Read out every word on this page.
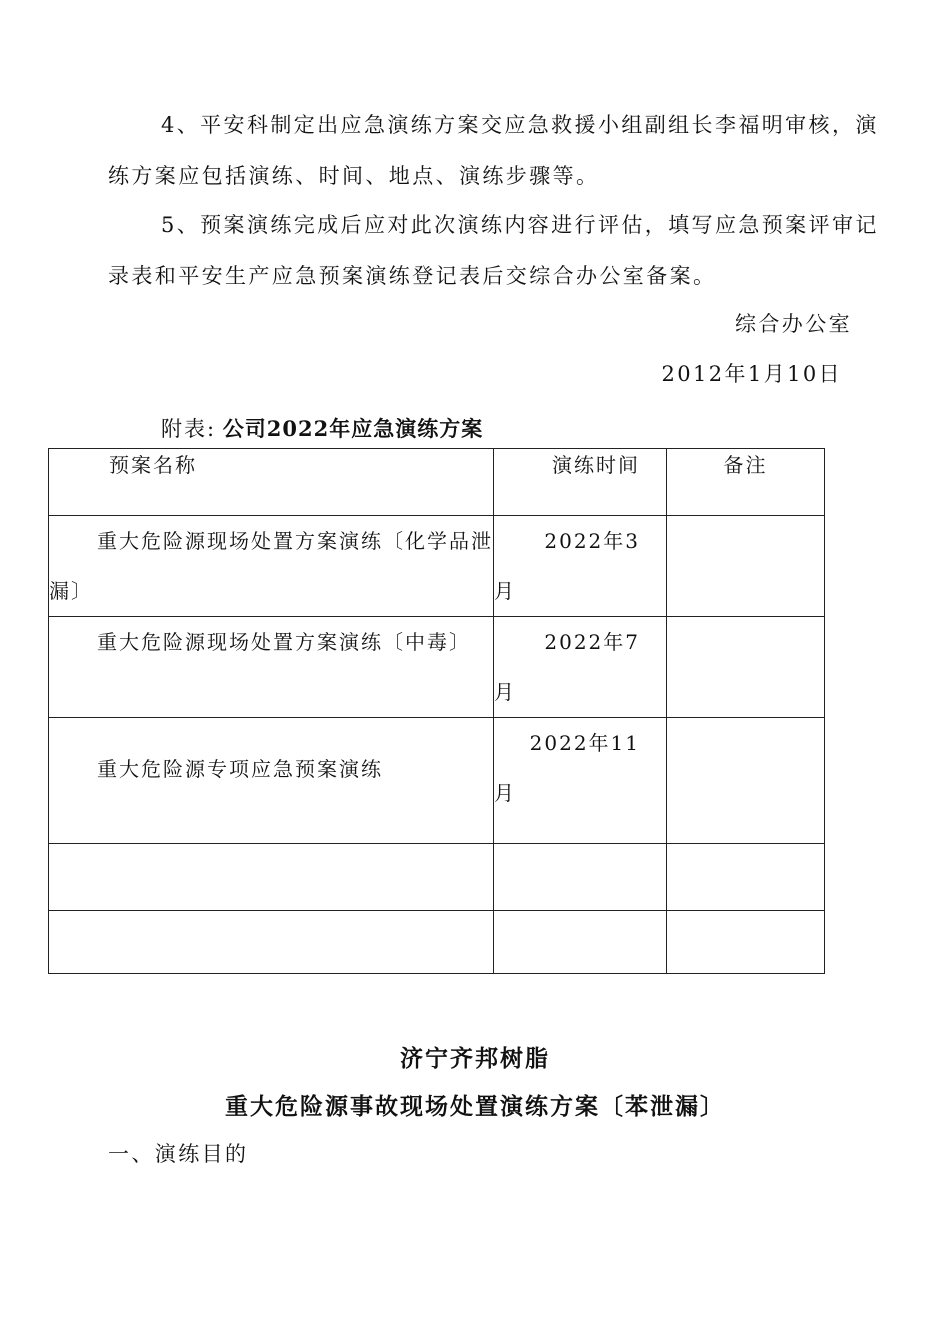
4、平安科制定出应急演练方案交应急救援小组副组长李福明审核，演
练方案应包括演练、时间、地点、演练步骤等。
5、预案演练完成后应对此次演练内容进行评估，填写应急预案评审记
录表和平安生产应急预案演练登记表后交综合办公室备案。
综合办公室
2012年1月10日
附表: 公司2022年应急演练方案
预案名称	演练时间	备注
重大危险源现场处置方案演练〔化学品泄漏〕	2022年3
月	
重大危险源现场处置方案演练〔中毒〕	2022年7
月	
重大危险源专项应急预案演练	2022年11
月	

济宁齐邦树脂
重大危险源事故现场处置演练方案〔苯泄漏〕
一、演练目的
